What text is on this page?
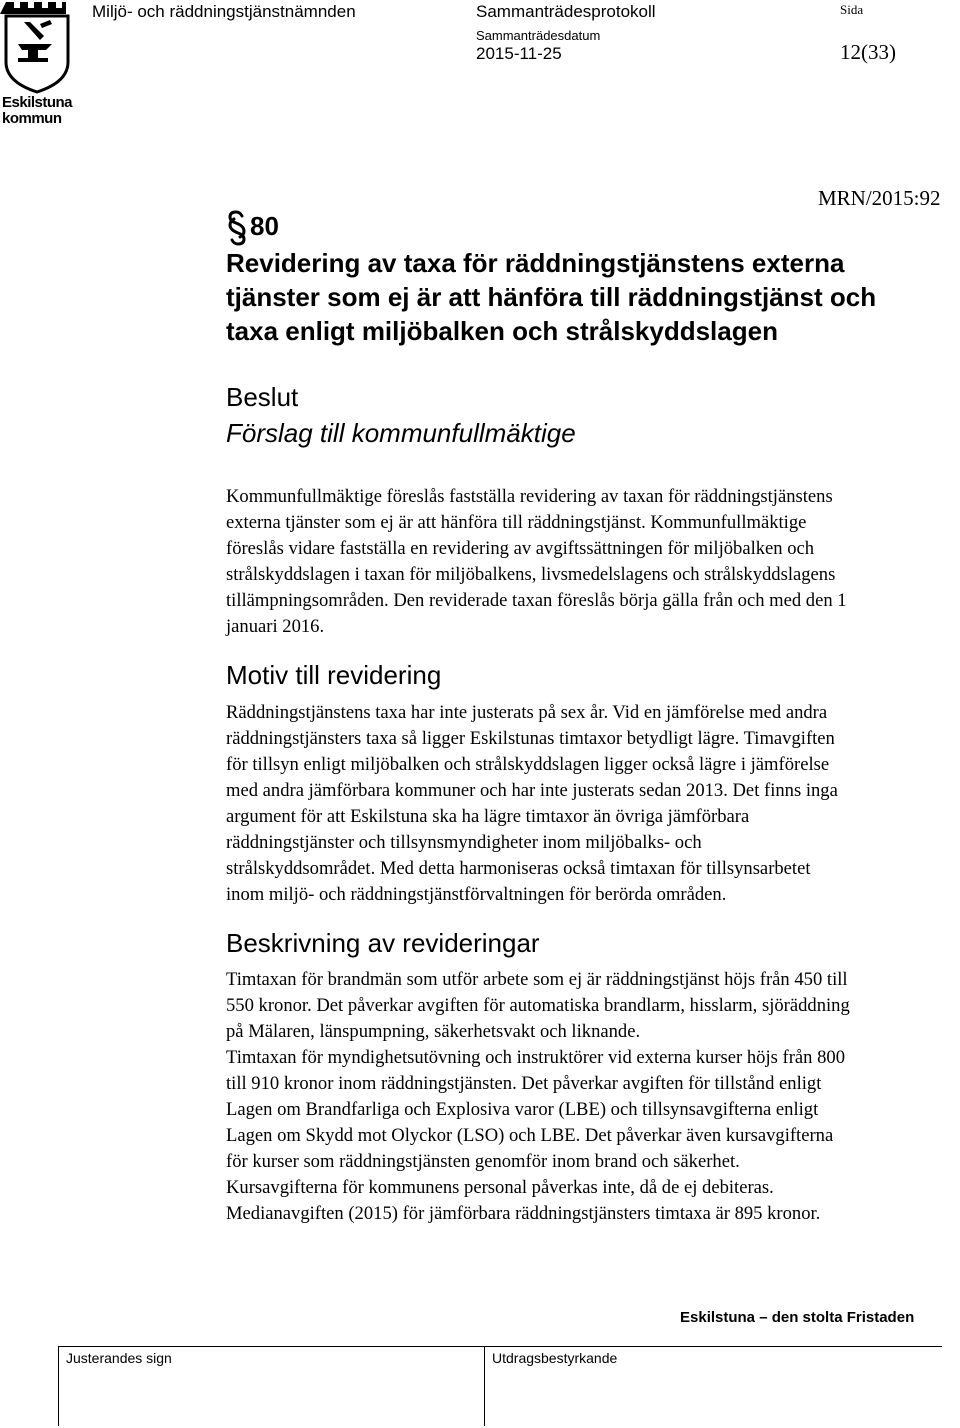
Eskilstuna
kommun
Miljö- och räddningstjänstnämnden	Sammanträdesprotokoll
Sammanträdesdatum
2015-11-25
Sida
12(33)
MRN/2015:92
80
Revidering av taxa för räddningstjänstens externa
tjänster som ej är att hänföra till räddningstjänst och
taxa enligt miljöbalken och strålskyddslagen
Beslut
Förslag till kommunfullmäktige
Kommunfullmäktige föreslås fastställa revidering av taxan för räddningstjänstens
externa tjänster som ej är att hänföra till räddningstjänst. Kommunfullmäktige
föreslås vidare fastställa en revidering av avgiftssättningen för miljöbalken och
strålskyddslagen i taxan för miljöbalkens, livsmedelslagens och strålskyddslagens
tillämpningsområden. Den reviderade taxan föreslås börja gälla från och med den 1
januari 2016.
Motiv till revidering
Räddningstjänstens taxa har inte justerats på sex år. Vid en jämförelse med andra
räddningstjänsters taxa så ligger Eskilstunas timtaxor betydligt lägre. Timavgiften
för tillsyn enligt miljöbalken och strålskyddslagen ligger också lägre i jämförelse
med andra jämförbara kommuner och har inte justerats sedan 2013. Det finns inga
argument för att Eskilstuna ska ha lägre timtaxor än övriga jämförbara
räddningstjänster och tillsynsmyndigheter inom miljöbalks- och
strålskyddsområdet. Med detta harmoniseras också timtaxan för tillsynsarbetet
inom miljö- och räddningstjänstförvaltningen för berörda områden.
Beskrivning av revideringar
Timtaxan för brandmän som utför arbete som ej är räddningstjänst höjs från 450 till
550 kronor. Det påverkar avgiften för automatiska brandlarm, hisslarm, sjöräddning
på Mälaren, länspumpning, säkerhetsvakt och liknande.
Timtaxan för myndighetsutövning och instruktörer vid externa kurser höjs från 800
till 910 kronor inom räddningstjänsten. Det påverkar avgiften för tillstånd enligt
Lagen om Brandfarliga och Explosiva varor (LBE) och tillsynsavgifterna enligt
Lagen om Skydd mot Olyckor (LSO) och LBE. Det påverkar även kursavgifterna
för kurser som räddningstjänsten genomför inom brand och säkerhet.
Kursavgifterna för kommunens personal påverkas inte, då de ej debiteras.
Medianavgiften (2015) för jämförbara räddningstjänsters timtaxa är 895 kronor.
Eskilstuna – den stolta Fristaden
Justerandes sign	Utdragsbestyrkande
